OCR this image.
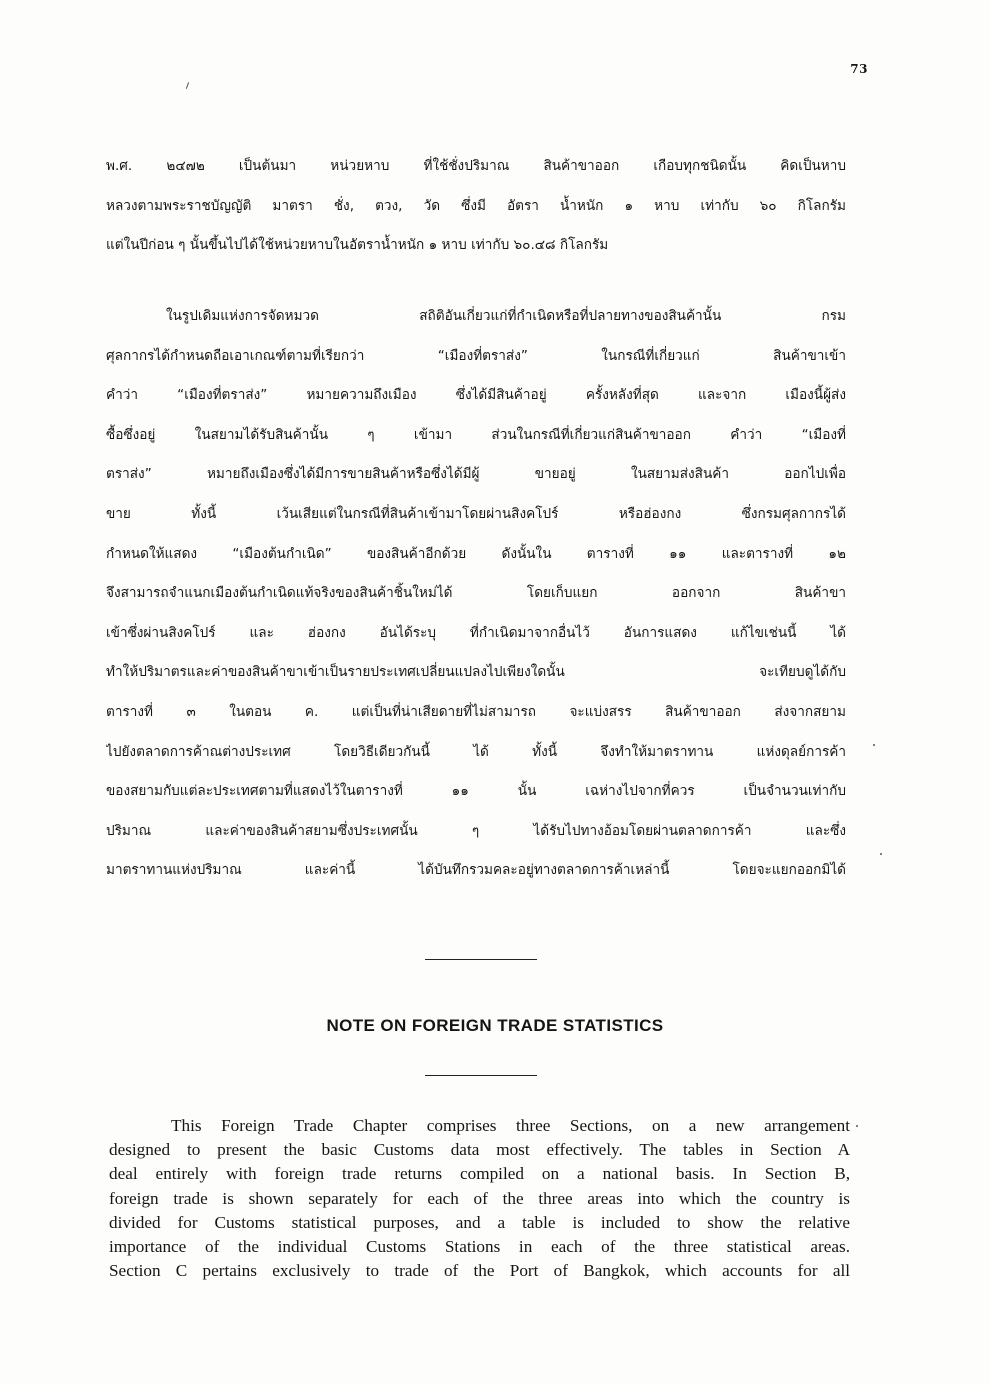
73
พ.ศ. ๒๔๗๒ เป็นต้นมา หน่วยหาบ ที่ใช้ชั่งปริมาณ สินค้าขาออก เกือบทุกชนิดนั้น คิดเป็นหาบ
หลวงตามพระราชบัญญัติ มาตรา ชั่ง, ตวง, วัด ซึ่งมี อัตรา น้ำหนัก ๑ หาบ เท่ากับ ๖๐ กิโลกรัม
แต่ในปีก่อน ๆ นั้นขึ้นไปได้ใช้หน่วยหาบในอัตราน้ำหนัก ๑ หาบ เท่ากับ ๖๐.๔๘ กิโลกรัม
ในรูปเดิมแห่งการจัดหมวด สถิติอันเกี่ยวแก่ที่กำเนิดหรือที่ปลายทางของสินค้านั้น กรม
ศุลกากรได้กำหนดถือเอาเกณฑ์ตามที่เรียกว่า “เมืองที่ตราส่ง” ในกรณีที่เกี่ยวแก่ สินค้าขาเข้า
คำว่า “เมืองที่ตราส่ง” หมายความถึงเมือง ซึ่งได้มีสินค้าอยู่ ครั้งหลังที่สุด และจาก เมืองนี้ผู้ส่ง
ซื้อซึ่งอยู่ ในสยามได้รับสินค้านั้น ๆ เข้ามา ส่วนในกรณีที่เกี่ยวแก่สินค้าขาออก คำว่า “เมืองที่
ตราส่ง” หมายถึงเมืองซึ่งได้มีการขายสินค้าหรือซึ่งได้มีผู้ ขายอยู่ ในสยามส่งสินค้า ออกไปเพื่อ
ขาย ทั้งนี้ เว้นเสียแต่ในกรณีที่สินค้าเข้ามาโดยผ่านสิงคโปร์ หรือฮ่องกง ซึ่งกรมศุลกากรได้
กำหนดให้แสดง “เมืองต้นกำเนิด” ของสินค้าอีกด้วย ดังนั้นใน ตารางที่ ๑๑ และตารางที่ ๑๒
จึงสามารถจำแนกเมืองต้นกำเนิดแท้จริงของสินค้าชิ้นใหม่ได้ โดยเก็บแยก ออกจาก สินค้าขา
เข้าซึ่งผ่านสิงคโปร์ และ ฮ่องกง อันได้ระบุ ที่กำเนิดมาจากอื่นไว้ อันการแสดง แก้ไขเช่นนี้ ได้
ทำให้ปริมาตรและค่าของสินค้าขาเข้าเป็นรายประเทศเปลี่ยนแปลงไปเพียงใดนั้น จะเทียบดูได้กับ
ตารางที่ ๓ ในตอน ค. แต่เป็นที่น่าเสียดายที่ไม่สามารถ จะแบ่งสรร สินค้าขาออก ส่งจากสยาม
ไปยังตลาดการค้าณต่างประเทศ โดยวิธีเดียวกันนี้ ได้ ทั้งนี้ จึงทำให้มาตราทาน แห่งดุลย์การค้า
ของสยามกับแต่ละประเทศตามที่แสดงไว้ในตารางที่ ๑๑ นั้น เฉห่างไปจากที่ควร เป็นจำนวนเท่ากับ
ปริมาณ และค่าของสินค้าสยามซึ่งประเทศนั้น ๆ ได้รับไปทางอ้อมโดยผ่านตลาดการค้า และซึ่ง
มาตราทานแห่งปริมาณ และค่านี้ ได้บันทึกรวมคละอยู่ทางตลาดการค้าเหล่านี้ โดยจะแยกออกมิได้
NOTE ON FOREIGN TRADE STATISTICS
This Foreign Trade Chapter comprises three Sections, on a new arrangement
designed to present the basic Customs data most effectively. The tables in Section A
deal entirely with foreign trade returns compiled on a national basis. In Section B,
foreign trade is shown separately for each of the three areas into which the country is
divided for Customs statistical purposes, and a table is included to show the relative
importance of the individual Customs Stations in each of the three statistical areas.
Section C pertains exclusively to trade of the Port of Bangkok, which accounts for all
